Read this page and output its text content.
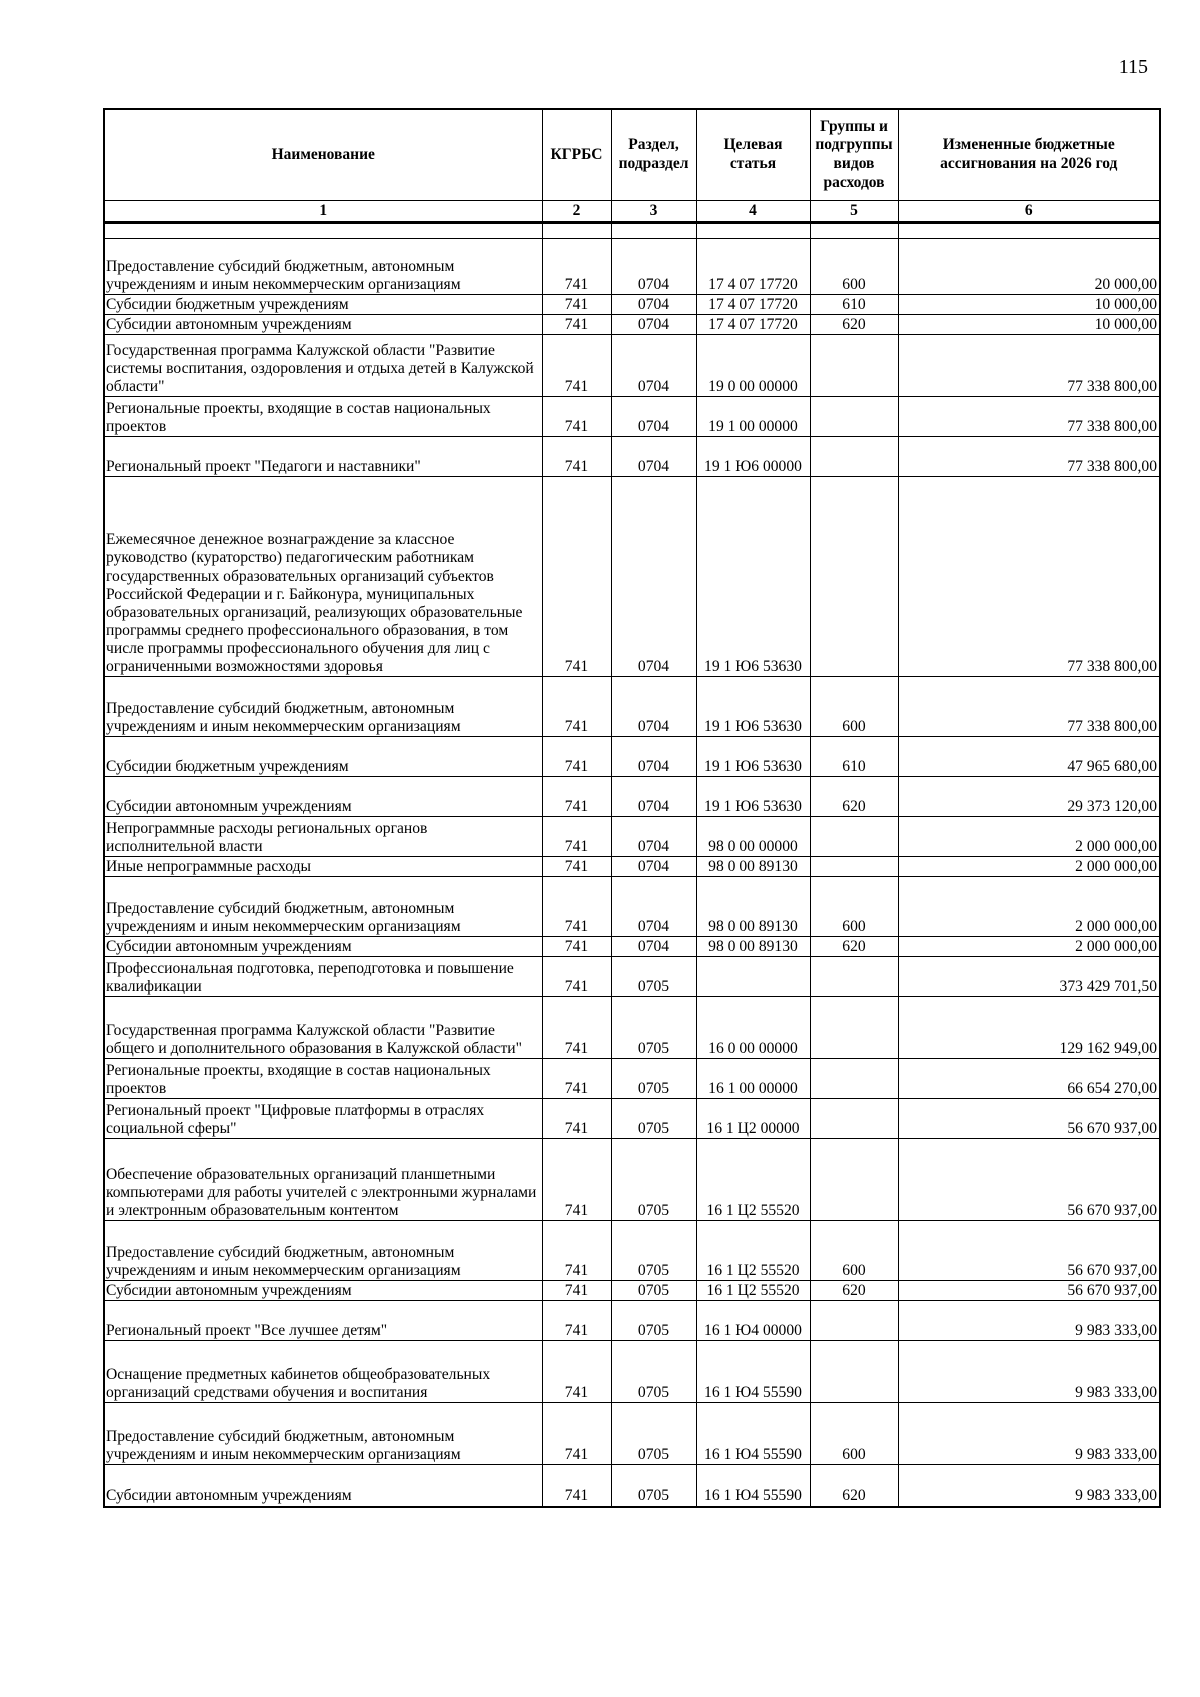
115
Наименование	КГРБС	Раздел, подраздел	Целевая статья	Группы и подгруппы видов расходов	Измененные бюджетные ассигнования на 2026 год
1	2	3	4	5	6

Предоставление субсидий бюджетным, автономным учреждениям и иным некоммерческим организациям	741	0704	17 4 07 17720	600	20 000,00
Субсидии бюджетным учреждениям	741	0704	17 4 07 17720	610	10 000,00
Субсидии автономным учреждениям	741	0704	17 4 07 17720	620	10 000,00
Государственная программа Калужской области "Развитие системы воспитания, оздоровления и отдыха детей в Калужской области"	741	0704	19 0 00 00000		77 338 800,00
Региональные проекты, входящие в состав национальных проектов	741	0704	19 1 00 00000		77 338 800,00
Региональный проект "Педагоги и наставники"	741	0704	19 1 Ю6 00000		77 338 800,00
Ежемесячное денежное вознаграждение за классное руководство (кураторство) педагогическим работникам государственных образовательных организаций субъектов Российской Федерации и г. Байконура, муниципальных образовательных организаций, реализующих образовательные программы среднего профессионального образования, в том числе программы профессионального обучения для лиц с ограниченными возможностями здоровья	741	0704	19 1 Ю6 53630		77 338 800,00
Предоставление субсидий бюджетным, автономным учреждениям и иным некоммерческим организациям	741	0704	19 1 Ю6 53630	600	77 338 800,00
Субсидии бюджетным учреждениям	741	0704	19 1 Ю6 53630	610	47 965 680,00
Субсидии автономным учреждениям	741	0704	19 1 Ю6 53630	620	29 373 120,00
Непрограммные расходы региональных органов исполнительной власти	741	0704	98 0 00 00000		2 000 000,00
Иные непрограммные расходы	741	0704	98 0 00 89130		2 000 000,00
Предоставление субсидий бюджетным, автономным учреждениям и иным некоммерческим организациям	741	0704	98 0 00 89130	600	2 000 000,00
Субсидии автономным учреждениям	741	0704	98 0 00 89130	620	2 000 000,00
Профессиональная подготовка, переподготовка и повышение квалификации	741	0705			373 429 701,50
Государственная программа Калужской области "Развитие общего и дополнительного образования в Калужской области"	741	0705	16 0 00 00000		129 162 949,00
Региональные проекты, входящие в состав национальных проектов	741	0705	16 1 00 00000		66 654 270,00
Региональный проект "Цифровые платформы в отраслях социальной сферы"	741	0705	16 1 Ц2 00000		56 670 937,00
Обеспечение образовательных организаций планшетными компьютерами для работы учителей с электронными журналами и электронным образовательным контентом	741	0705	16 1 Ц2 55520		56 670 937,00
Предоставление субсидий бюджетным, автономным учреждениям и иным некоммерческим организациям	741	0705	16 1 Ц2 55520	600	56 670 937,00
Субсидии автономным учреждениям	741	0705	16 1 Ц2 55520	620	56 670 937,00
Региональный проект "Все лучшее детям"	741	0705	16 1 Ю4 00000		9 983 333,00
Оснащение предметных кабинетов общеобразовательных организаций средствами обучения и воспитания	741	0705	16 1 Ю4 55590		9 983 333,00
Предоставление субсидий бюджетным, автономным учреждениям и иным некоммерческим организациям	741	0705	16 1 Ю4 55590	600	9 983 333,00
Субсидии автономным учреждениям	741	0705	16 1 Ю4 55590	620	9 983 333,00
